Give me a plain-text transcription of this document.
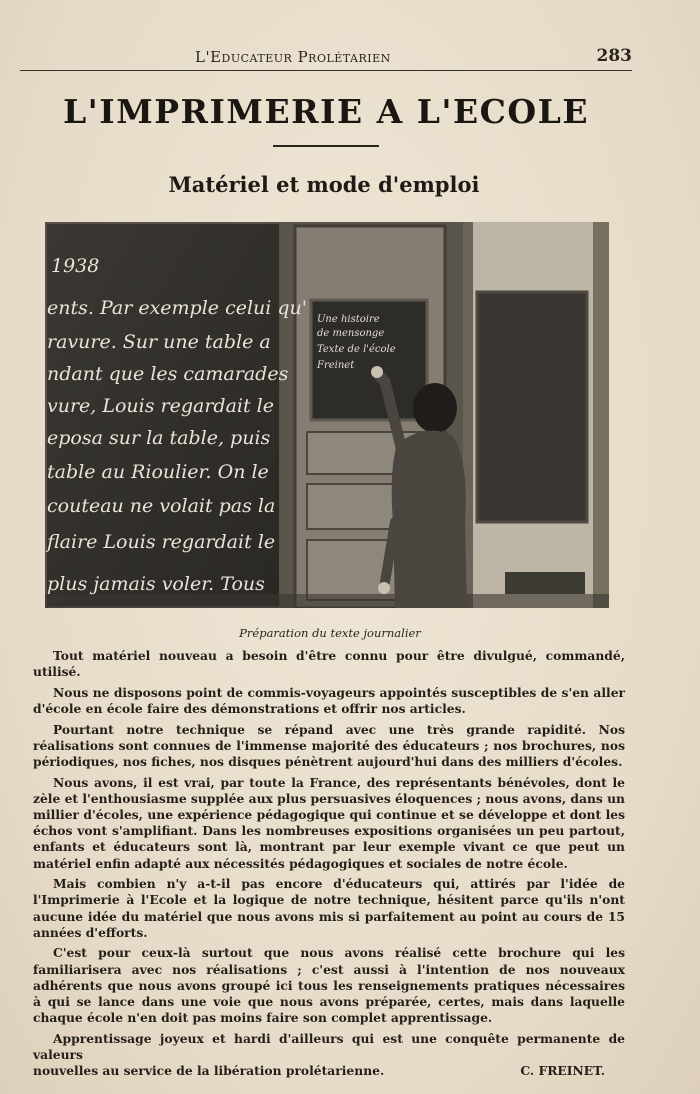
L'Educateur Prolétarien	283
L'IMPRIMERIE A L'ECOLE
Matériel et mode d'emploi
1938
ents. Par exemple celui qu'
ravure. Sur une table a
ndant que les camarades
vure, Louis regardait le
eposa sur la table, puis
table au Rioulier. On le
couteau ne volait pas la
flaire Louis regardait le
plus jamais voler. Tous
Une histoire
de mensonge
Texte de l'école
Freinet
Préparation du texte journalier

Tout matériel nouveau a besoin d'être connu pour être divulgué, commandé, utilisé.

Nous ne disposons point de commis-voyageurs appointés susceptibles de s'en aller d'école en école faire des démonstrations et offrir nos articles.

Pourtant notre technique se répand avec une très grande rapidité. Nos réalisations sont connues de l'immense majorité des éducateurs ; nos brochures, nos périodiques, nos fiches, nos disques pénètrent aujourd'hui dans des milliers d'écoles.

Nous avons, il est vrai, par toute la France, des représentants bénévoles, dont le zèle et l'enthousiasme supplée aux plus persuasives éloquences ; nous avons, dans un millier d'écoles, une expérience pédagogique qui continue et se développe et dont les échos vont s'amplifiant. Dans les nombreuses expositions organisées un peu partout, enfants et éducateurs sont là, montrant par leur exemple vivant ce que peut un matériel enfin adapté aux nécessités pédagogiques et sociales de notre école.

Mais combien n'y a-t-il pas encore d'éducateurs qui, attirés par l'idée de l'Imprimerie à l'Ecole et la logique de notre technique, hésitent parce qu'ils n'ont aucune idée du matériel que nous avons mis si parfaitement au point au cours de 15 années d'efforts.

C'est pour ceux-là surtout que nous avons réalisé cette brochure qui les familiarisera avec nos réalisations ; c'est aussi à l'intention de nos nouveaux adhérents que nous avons groupé ici tous les renseignements pratiques nécessaires à qui se lance dans une voie que nous avons préparée, certes, mais dans laquelle chaque école n'en doit pas moins faire son complet apprentissage.

Apprentissage joyeux et hardi d'ailleurs qui est une conquête permanente de valeurs

nouvelles au service de la libération prolétarienne.	C. FREINET.
